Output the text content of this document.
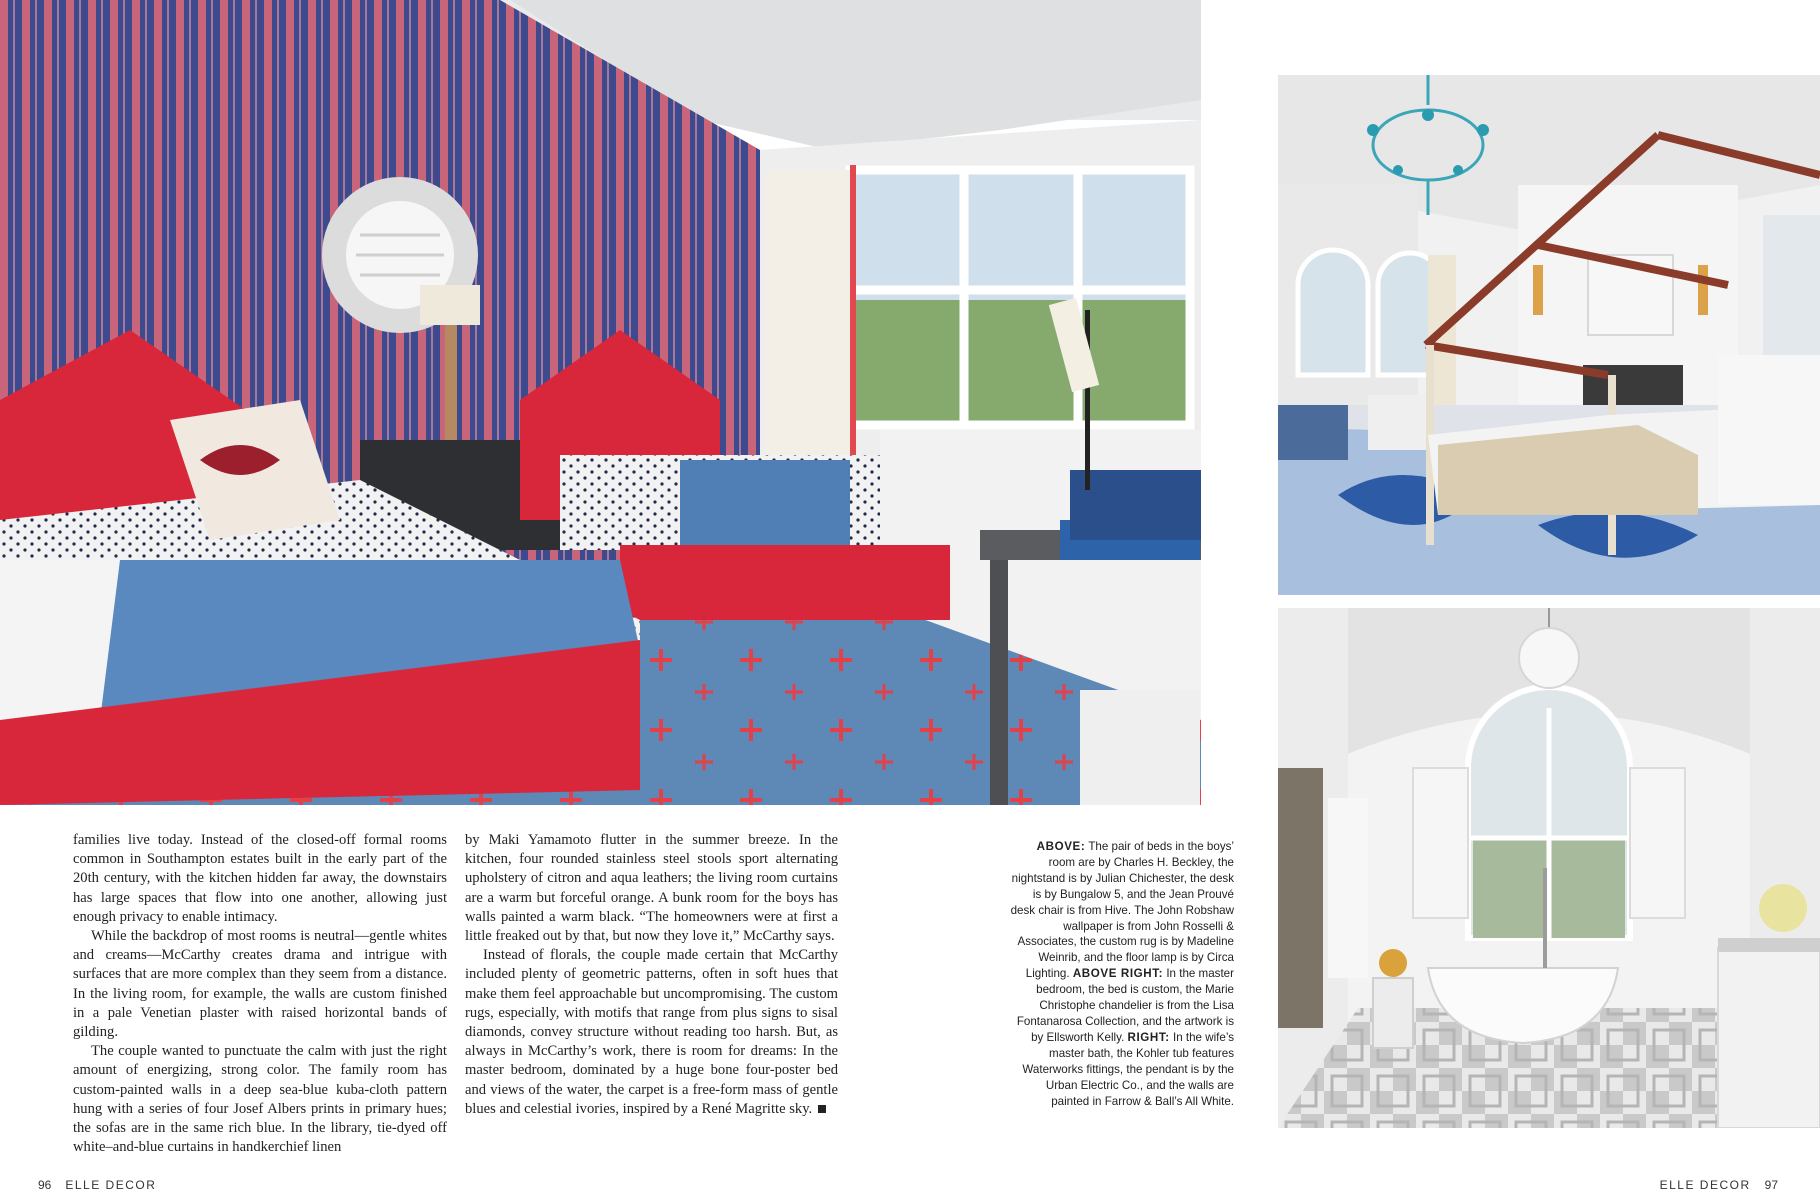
families live today. Instead of the closed-off formal rooms common in Southampton estates built in the early part of the 20th century, with the kitchen hidden far away, the downstairs has large spaces that flow into one another, allowing just enough privacy to enable intimacy.

While the backdrop of most rooms is neutral—gentle whites and creams—McCarthy creates drama and intrigue with surfaces that are more complex than they seem from a distance. In the living room, for example, the walls are custom finished in a pale Venetian plaster with raised horizontal bands of gilding.

The couple wanted to punctuate the calm with just the right amount of energizing, strong color. The family room has custom-painted walls in a deep sea-blue kuba-cloth pattern hung with a series of four Josef Albers prints in primary hues; the sofas are in the same rich blue. In the library, tie-dyed off white–and-blue curtains in handkerchief linen

by Maki Yamamoto flutter in the summer breeze. In the kitchen, four rounded stainless steel stools sport alternating upholstery of citron and aqua leathers; the living room curtains are a warm but forceful orange. A bunk room for the boys has walls painted a warm black. “The homeowners were at first a little freaked out by that, but now they love it,” McCarthy says.

Instead of florals, the couple made certain that McCarthy included plenty of geometric patterns, often in soft hues that make them feel approachable but uncompromising. The custom rugs, especially, with motifs that range from plus signs to sisal diamonds, convey structure without reading too harsh. But, as always in McCarthy’s work, there is room for dreams: In the master bedroom, dominated by a huge bone four-poster bed and views of the water, the carpet is a free-form mass of gentle blues and celestial ivories, inspired by a René Magritte sky.

ABOVE: The pair of beds in the boys’ room are by Charles H. Beckley, the nightstand is by Julian Chichester, the desk is by Bungalow 5, and the Jean Prouvé desk chair is from Hive. The John Robshaw wallpaper is from John Rosselli & Associates, the custom rug is by Madeline Weinrib, and the floor lamp is by Circa Lighting. ABOVE RIGHT: In the master bedroom, the bed is custom, the Marie Christophe chandelier is from the Lisa Fontanarosa Collection, and the artwork is by Ellsworth Kelly. RIGHT: In the wife’s master bath, the Kohler tub features Waterworks fittings, the pendant is by the Urban Electric Co., and the walls are painted in Farrow & Ball’s All White.
96 ELLE DECOR	ELLE DECOR 97
